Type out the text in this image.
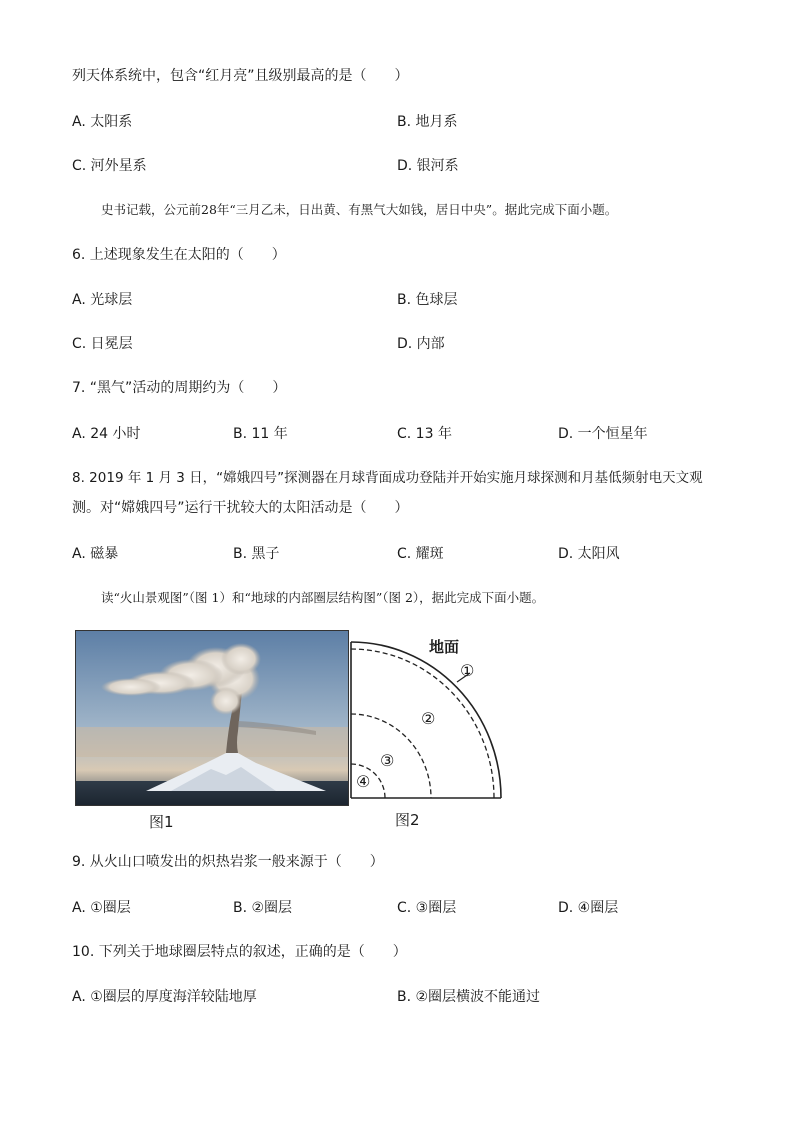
列天体系统中，包含“红月亮”且级别最高的是（　　）
A. 太阳系	B. 地月系
C. 河外星系	D. 银河系
史书记载，公元前28年“三月乙未，日出黄、有黑气大如钱，居日中央”。据此完成下面小题。
6. 上述现象发生在太阳的（　　）
A. 光球层	B. 色球层
C. 日冕层	D. 内部
7. “黑气”活动的周期约为（　　）
A. 24 小时	B. 11 年	C. 13 年	D. 一个恒星年
8. 2019 年 1 月 3 日，“嫦娥四号”探测器在月球背面成功登陆并开始实施月球探测和月基低频射电天文观
测。对“嫦娥四号”运行干扰较大的太阳活动是（　　）
A. 磁暴	B. 黑子	C. 耀斑	D. 太阳风
读“火山景观图”（图 1）和“地球的内部圈层结构图”（图 2），据此完成下面小题。
地面
①
②
③
④
图1	图2
9. 从火山口喷发出的炽热岩浆一般来源于（　　）
A. ①圈层	B. ②圈层	C. ③圈层	D. ④圈层
10. 下列关于地球圈层特点的叙述，正确的是（　　）
A. ①圈层的厚度海洋较陆地厚	B. ②圈层横波不能通过
